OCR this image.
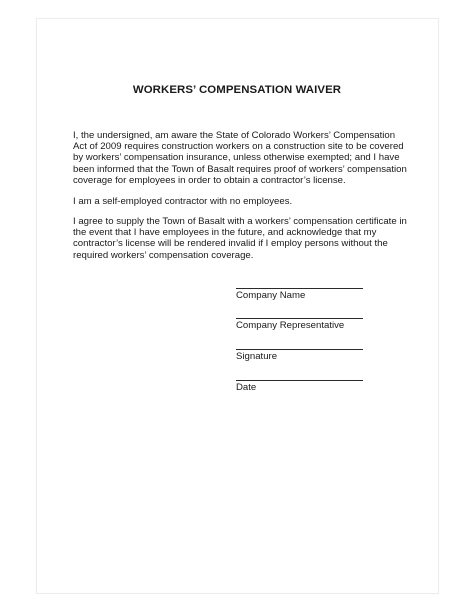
WORKERS’ COMPENSATION WAIVER

I, the undersigned, am aware the State of Colorado Workers’ Compensation Act of 2009 requires construction workers on a construction site to be covered by workers’ compensation insurance, unless otherwise exempted; and I have been informed that the Town of Basalt requires proof of workers’ compensation coverage for employees in order to obtain a contractor’s license.

I am a self-employed contractor with no employees.

I agree to supply the Town of Basalt with a workers’ compensation certificate in the event that I have employees in the future, and acknowledge that my contractor’s license will be rendered invalid if I employ persons without the required workers’ compensation coverage.

Company Name
Company Representative
Signature
Date
